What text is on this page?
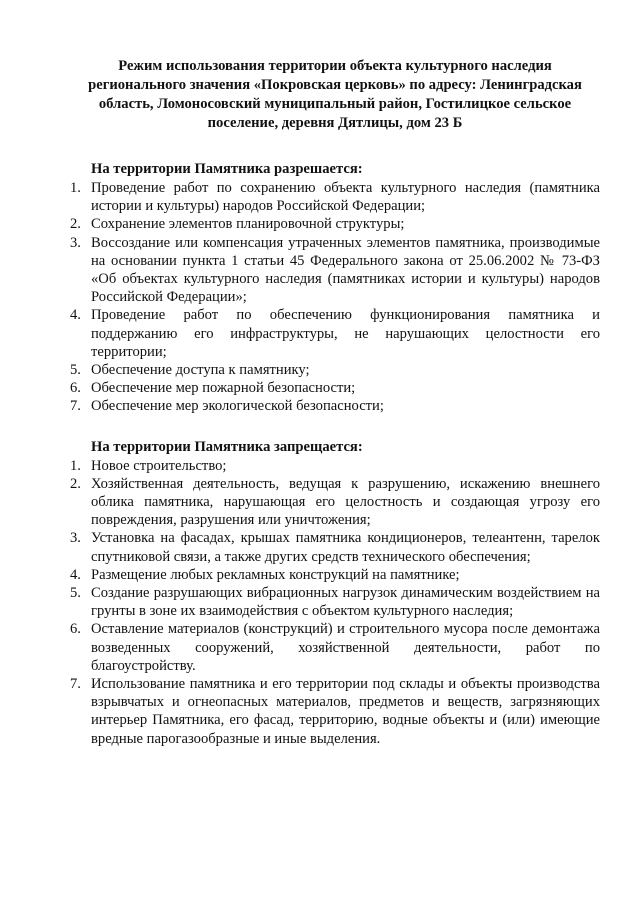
Режим использования территории объекта культурного наследия регионального значения «Покровская церковь» по адресу: Ленинградская область, Ломоносовский муниципальный район, Гостилицкое сельское поселение, деревня Дятлицы, дом 23 Б

На территории Памятника разрешается:

1. Проведение работ по сохранению объекта культурного наследия (памятника истории и культуры) народов Российской Федерации;
2. Сохранение элементов планировочной структуры;
3. Воссоздание или компенсация утраченных элементов памятника, производимые на основании пункта 1 статьи 45 Федерального закона от 25.06.2002 № 73-ФЗ «Об объектах культурного наследия (памятниках истории и культуры) народов Российской Федерации»;
4. Проведение работ по обеспечению функционирования памятника и поддержанию его инфраструктуры, не нарушающих целостности его территории;
5. Обеспечение доступа к памятнику;
6. Обеспечение мер пожарной безопасности;
7. Обеспечение мер экологической безопасности;

На территории Памятника запрещается:

1. Новое строительство;
2. Хозяйственная деятельность, ведущая к разрушению, искажению внешнего облика памятника, нарушающая его целостность и создающая угрозу его повреждения, разрушения или уничтожения;
3. Установка на фасадах, крышах памятника кондиционеров, телеантенн, тарелок спутниковой связи, а также других средств технического обеспечения;
4. Размещение любых рекламных конструкций на памятнике;
5. Создание разрушающих вибрационных нагрузок динамическим воздействием на грунты в зоне их взаимодействия с объектом культурного наследия;
6. Оставление материалов (конструкций) и строительного мусора после демонтажа возведенных сооружений, хозяйственной деятельности, работ по благоустройству.
7. Использование памятника и его территории под склады и объекты производства взрывчатых и огнеопасных материалов, предметов и веществ, загрязняющих интерьер Памятника, его фасад, территорию, водные объекты и (или) имеющие вредные парогазообразные и иные выделения.
